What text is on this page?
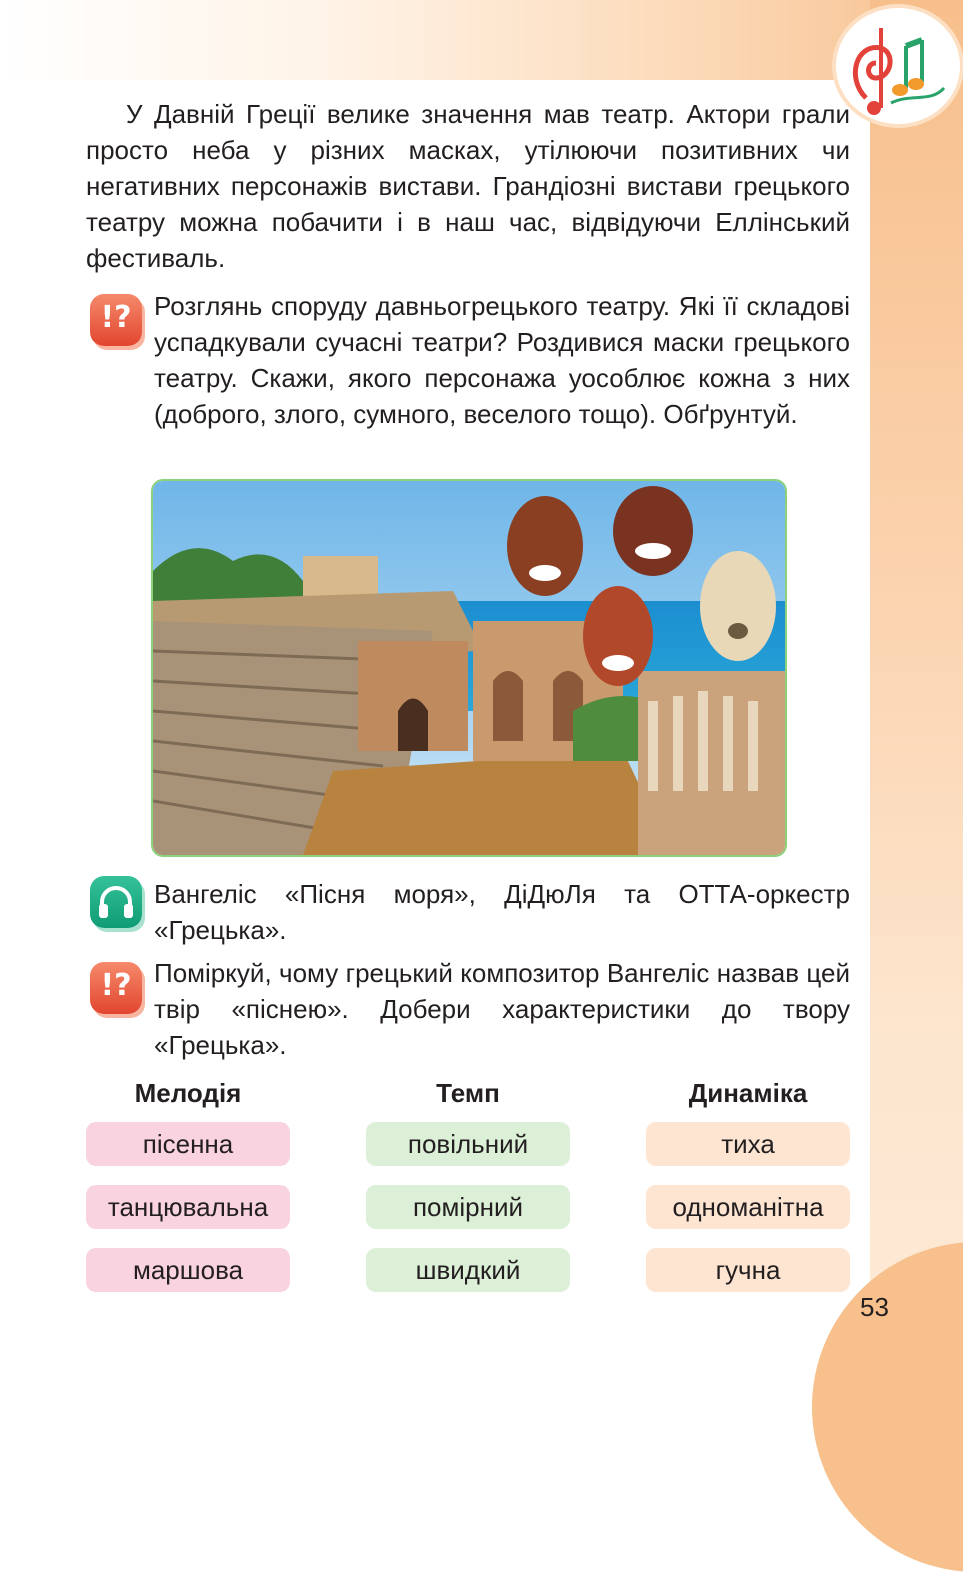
У Давній Греції велике значення мав театр. Актори грали просто неба у різних масках, утілюючи позитивних чи негативних персонажів вистави. Грандіозні вистави грецького театру можна побачити і в наш час, відвідуючи Еллінський фестиваль.
!?
Розглянь споруду давньогрецького театру. Які її складові успадкували сучасні театри? Роздивися маски грецького театру. Скажи, якого персонажа уособлює кожна з них (доброго, злого, сумного, веселого тощо). Обґрунтуй.
Вангеліс «Пісня моря», ДіДюЛя та ОТТА-оркестр «Грецька».
!?
Поміркуй, чому грецький композитор Вангеліс назвав цей твір «піснею». Добери характеристики до твору «Грецька».
Мелодія	Темп	Динаміка
пісенна
танцювальна
маршова
повільний
помірний
швидкий
тиха
одноманітна
гучна
53
